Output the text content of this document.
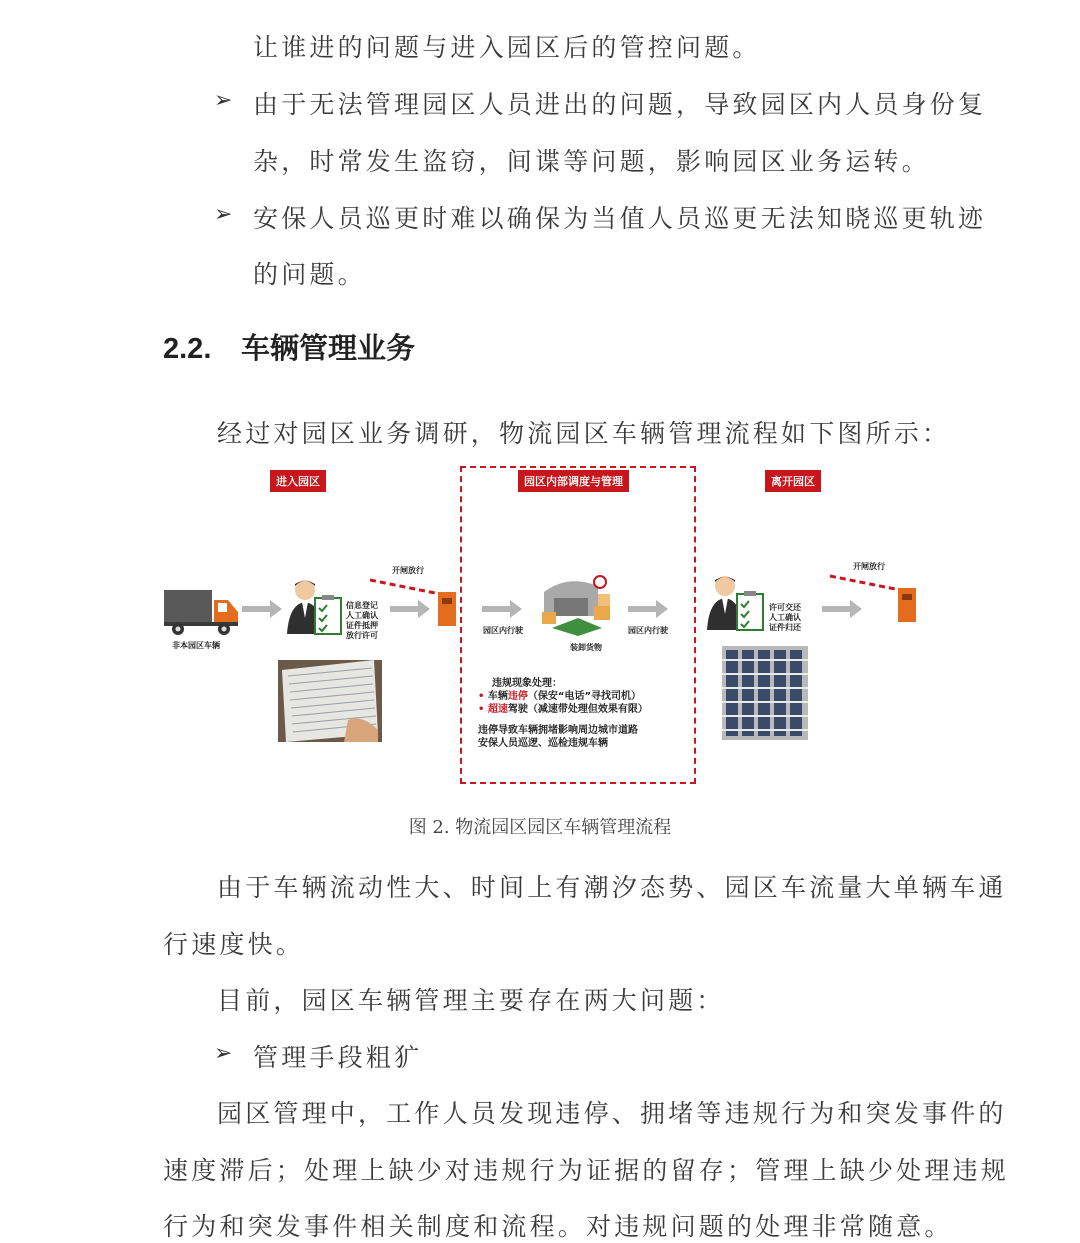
让谁进的问题与进入园区后的管控问题。
➢ 由于无法管理园区人员进出的问题，导致园区内人员身份复
杂，时常发生盗窃，间谍等问题，影响园区业务运转。
➢ 安保人员巡更时难以确保为当值人员巡更无法知晓巡更轨迹
的问题。
2.2. 车辆管理业务
经过对园区业务调研，物流园区车辆管理流程如下图所示：
进入园区	园区内部调度与管理	离开园区
非本园区车辆
信息登记
人工确认
证件抵押
放行许可
开闸放行
园区内行驶
装卸货物
园区内行驶
违规现象处理：
• 车辆违停（保安“电话”寻找司机）
• 超速驾驶（减速带处理但效果有限）
违停导致车辆拥堵影响周边城市道路
安保人员巡逻、巡检违规车辆
许可交还
人工确认
证件归还
开闸放行
图 2. 物流园区园区车辆管理流程
由于车辆流动性大、时间上有潮汐态势、园区车流量大单辆车通
行速度快。
目前，园区车辆管理主要存在两大问题：
➢ 管理手段粗犷
园区管理中，工作人员发现违停、拥堵等违规行为和突发事件的
速度滞后；处理上缺少对违规行为证据的留存；管理上缺少处理违规
行为和突发事件相关制度和流程。对违规问题的处理非常随意。
